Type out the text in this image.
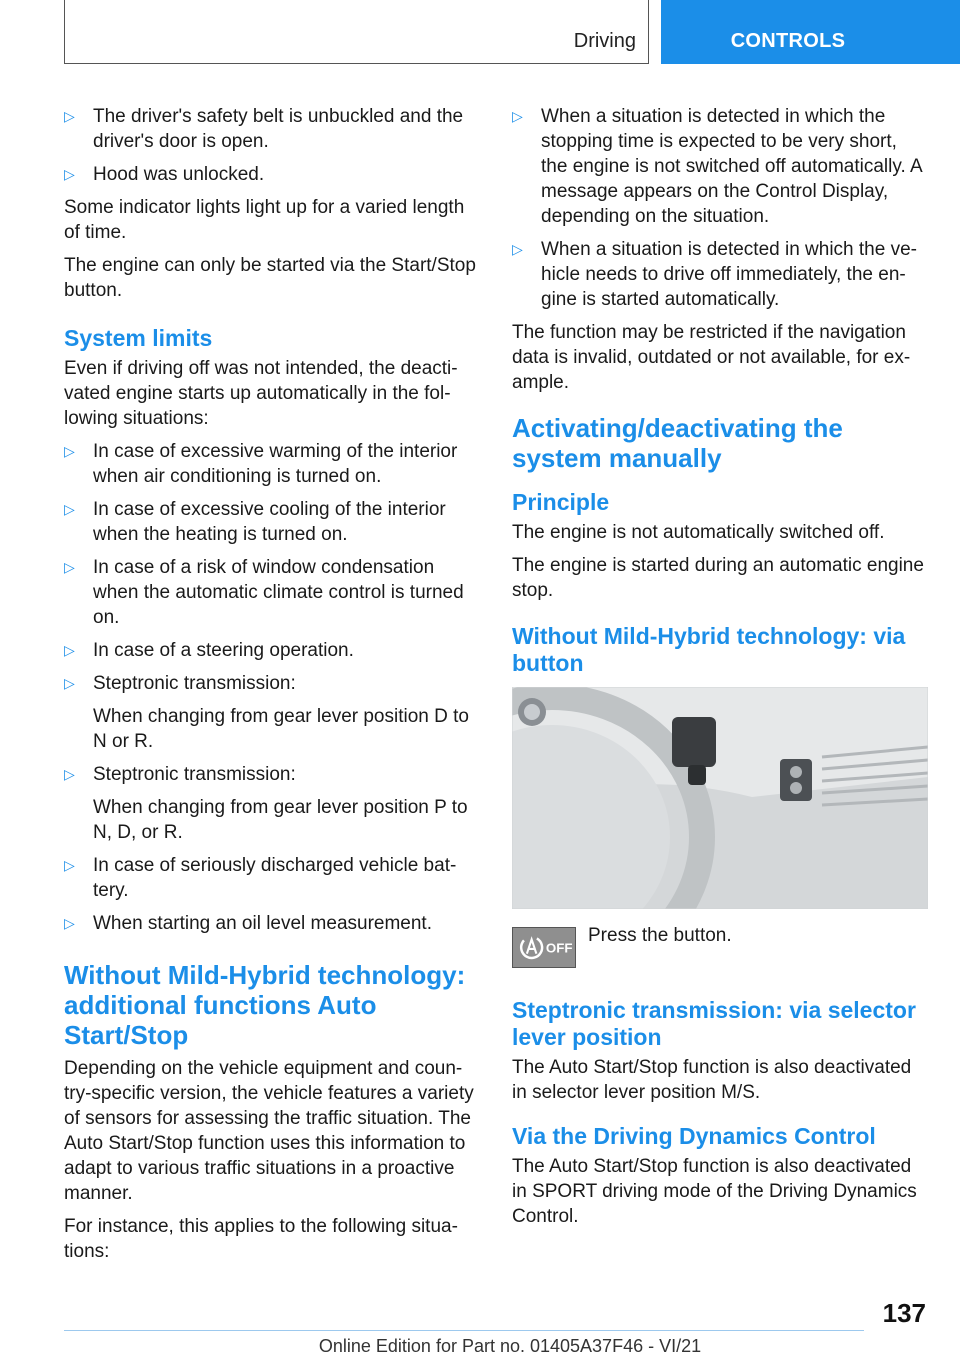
Driving	CONTROLS
▷ The driver's safety belt is unbuckled and the driver's door is open.
▷ Hood was unlocked.

Some indicator lights light up for a varied length of time.

The engine can only be started via the Start/Stop button.

System limits

Even if driving off was not intended, the deacti‐vated engine starts up automatically in the fol‐lowing situations:

▷ In case of excessive warming of the interior when air conditioning is turned on.
▷ In case of excessive cooling of the interior when the heating is turned on.
▷ In case of a risk of window condensation when the automatic climate control is turned on.
▷ In case of a steering operation.
▷ Steptronic transmission:
When changing from gear lever position D to N or R.
▷ Steptronic transmission:
When changing from gear lever position P to N, D, or R.
▷ In case of seriously discharged vehicle bat‐tery.
▷ When starting an oil level measurement.
Without Mild-Hybrid technology: additional functions Auto Start/Stop

Depending on the vehicle equipment and coun‐try-specific version, the vehicle features a variety of sensors for assessing the traffic situation. The Auto Start/Stop function uses this information to adapt to various traffic situations in a proactive manner.

For instance, this applies to the following situa‐tions:

▷ When a situation is detected in which the stopping time is expected to be very short, the engine is not switched off automatically. A message appears on the Control Display, depending on the situation.
▷ When a situation is detected in which the ve‐hicle needs to drive off immediately, the en‐gine is started automatically.

The function may be restricted if the navigation data is invalid, outdated or not available, for ex‐ample.

Activating/deactivating the system manually
Principle

The engine is not automatically switched off.

The engine is started during an automatic engine stop.

Without Mild-Hybrid technology: via button
OFF
Press the button.
Steptronic transmission: via selector lever position

The Auto Start/Stop function is also deactivated in selector lever position M/S.

Via the Driving Dynamics Control

The Auto Start/Stop function is also deactivated in SPORT driving mode of the Driving Dynamics Control.

137
Online Edition for Part no. 01405A37F46 - VI/21
